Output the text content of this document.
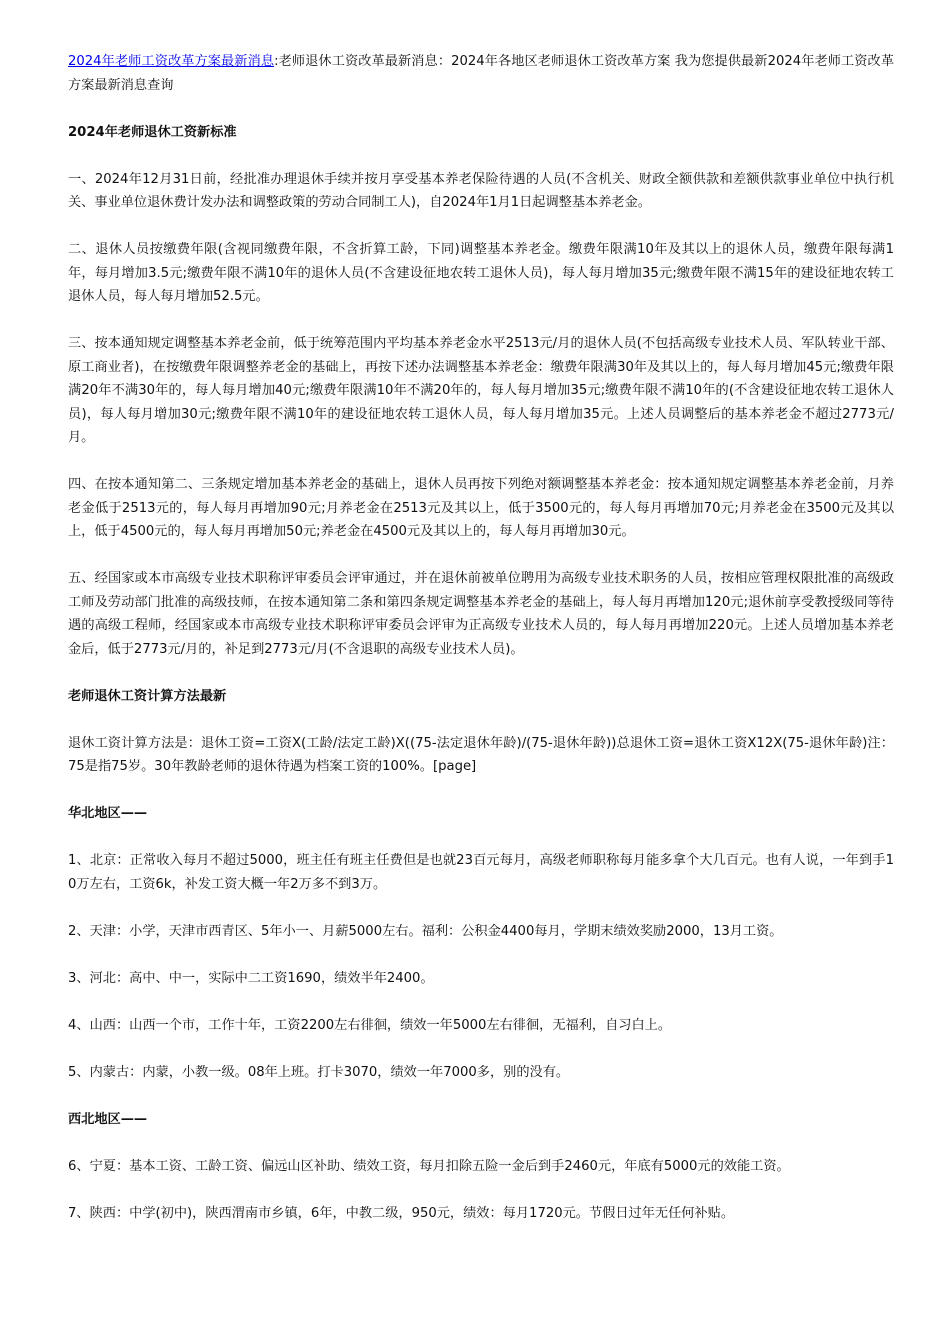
2024年老师工资改革方案最新消息:老师退休工资改革最新消息：2024年各地区老师退休工资改革方案 我为您提供最新2024年老师工资改革方案最新消息查询

2024年老师退休工资新标准

一、2024年12月31日前，经批准办理退休手续并按月享受基本养老保险待遇的人员(不含机关、财政全额供款和差额供款事业单位中执行机关、事业单位退休费计发办法和调整政策的劳动合同制工人)，自2024年1月1日起调整基本养老金。

二、退休人员按缴费年限(含视同缴费年限，不含折算工龄，下同)调整基本养老金。缴费年限满10年及其以上的退休人员，缴费年限每满1年，每月增加3.5元;缴费年限不满10年的退休人员(不含建设征地农转工退休人员)，每人每月增加35元;缴费年限不满15年的建设征地农转工退休人员，每人每月增加52.5元。

三、按本通知规定调整基本养老金前，低于统筹范围内平均基本养老金水平2513元/月的退休人员(不包括高级专业技术人员、军队转业干部、原工商业者)，在按缴费年限调整养老金的基础上，再按下述办法调整基本养老金：缴费年限满30年及其以上的，每人每月增加45元;缴费年限满20年不满30年的，每人每月增加40元;缴费年限满10年不满20年的，每人每月增加35元;缴费年限不满10年的(不含建设征地农转工退休人员)，每人每月增加30元;缴费年限不满10年的建设征地农转工退休人员，每人每月增加35元。上述人员调整后的基本养老金不超过2773元/月。

四、在按本通知第二、三条规定增加基本养老金的基础上，退休人员再按下列绝对额调整基本养老金：按本通知规定调整基本养老金前，月养老金低于2513元的，每人每月再增加90元;月养老金在2513元及其以上，低于3500元的，每人每月再增加70元;月养老金在3500元及其以上，低于4500元的，每人每月再增加50元;养老金在4500元及其以上的，每人每月再增加30元。

五、经国家或本市高级专业技术职称评审委员会评审通过，并在退休前被单位聘用为高级专业技术职务的人员，按相应管理权限批准的高级政工师及劳动部门批准的高级技师，在按本通知第二条和第四条规定调整基本养老金的基础上，每人每月再增加120元;退休前享受教授级同等待遇的高级工程师，经国家或本市高级专业技术职称评审委员会评审为正高级专业技术人员的，每人每月再增加220元。上述人员增加基本养老金后，低于2773元/月的，补足到2773元/月(不含退职的高级专业技术人员)。

老师退休工资计算方法最新

退休工资计算方法是：退休工资=工资X(工龄/法定工龄)X((75-法定退休年龄)/(75-退休年龄))总退休工资=退休工资X12X(75-退休年龄)注：75是指75岁。30年教龄老师的退休待遇为档案工资的100%。[page]

华北地区——

1、北京：正常收入每月不超过5000，班主任有班主任费但是也就23百元每月，高级老师职称每月能多拿个大几百元。也有人说，一年到手10万左右，工资6k，补发工资大概一年2万多不到3万。

2、天津：小学，天津市西青区、5年小一、月薪5000左右。福利：公积金4400每月，学期末绩效奖励2000，13月工资。

3、河北：高中、中一，实际中二工资1690，绩效半年2400。

4、山西：山西一个市，工作十年，工资2200左右徘徊，绩效一年5000左右徘徊，无福利，自习白上。

5、内蒙古：内蒙，小教一级。08年上班。打卡3070，绩效一年7000多，别的没有。

西北地区——

6、宁夏：基本工资、工龄工资、偏远山区补助、绩效工资，每月扣除五险一金后到手2460元，年底有5000元的效能工资。

7、陕西：中学(初中)，陕西渭南市乡镇，6年，中教二级，950元，绩效：每月1720元。节假日过年无任何补贴。
